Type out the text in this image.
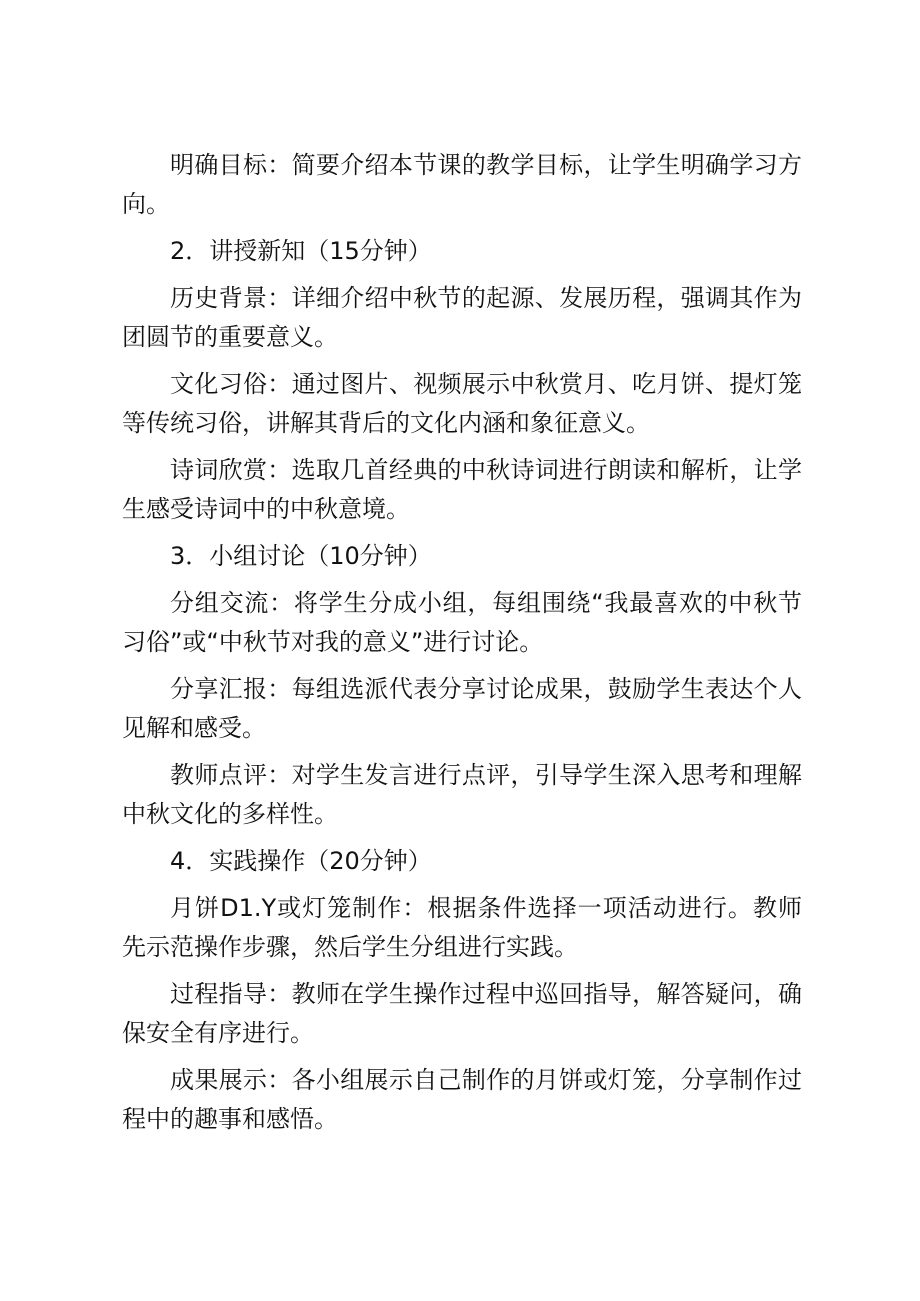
明确目标：简要介绍本节课的教学目标，让学生明确学习方向。

2．讲授新知（15分钟）

历史背景：详细介绍中秋节的起源、发展历程，强调其作为团圆节的重要意义。

文化习俗：通过图片、视频展示中秋赏月、吃月饼、提灯笼等传统习俗，讲解其背后的文化内涵和象征意义。

诗词欣赏：选取几首经典的中秋诗词进行朗读和解析，让学生感受诗词中的中秋意境。

3．小组讨论（10分钟）

分组交流：将学生分成小组，每组围绕“我最喜欢的中秋节习俗”或“中秋节对我的意义”进行讨论。

分享汇报：每组选派代表分享讨论成果，鼓励学生表达个人见解和感受。

教师点评：对学生发言进行点评，引导学生深入思考和理解中秋文化的多样性。

4．实践操作（20分钟）

月饼D1.Y或灯笼制作：根据条件选择一项活动进行。教师先示范操作步骤，然后学生分组进行实践。

过程指导：教师在学生操作过程中巡回指导，解答疑问，确保安全有序进行。

成果展示：各小组展示自己制作的月饼或灯笼，分享制作过程中的趣事和感悟。
